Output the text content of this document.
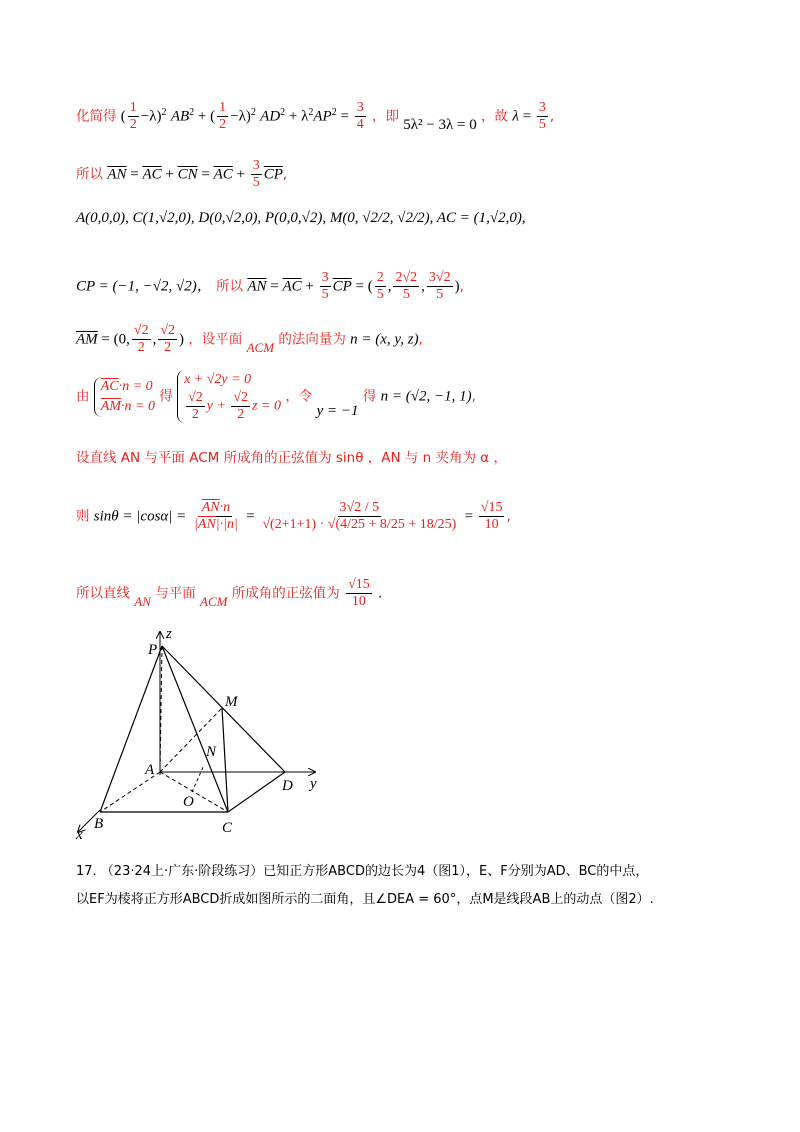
化简得 ( $\frac{1}{2} -\lambda)^2$ $AB^2$ + ( $\frac{1}{2} -\lambda)^2$ $AD^2 + \lambda^2AP^2 = \frac{3}{4}$ ，即 5λ² − 3λ = 0 ，故 $\lambda = \frac{3}{5}$ ,
所以 $\overline{AN} = \overline{AC} + \overline{CN} = \overline{AC} + \frac{3}{5} \overline{CP}$,
A(0,0,0), C(1,√2,0), D(0,√2,0), P(0,0,√2), M(0, √2/2, √2/2), AC = (1,√2,0),
CP = (−1, −√2, √2)， 所以 $\overline{AN} = \overline{AC} + \frac{3}{5} \overline{CP}$ = ( $\frac{2}{5}$ , $\frac{2√2}{5}$ , $\frac{3√2}{5}$ ),
$\overline{AM} = (0$, $\frac{√2}{2}$ , $\frac{√2}{2}$ ) ，设平面 ACM 的法向量为 n = (x, y, z),
由 $\overline{AC}\cdot n = 0$
$\overline{AM}\cdot n = 0$ 得 x + √2y = 0

$\frac{√2}{2}$ $y + \frac{√2}{2}$ z = 0 ，令 y = −1 得 n = (√2, −1, 1),
设直线 AN 与平面 ACM 所成角的正弦值为 sinθ ，AN 与 n 夹角为 α ，
则 $\sin\theta = |\cos\alpha| = \frac{\overline{AN}\cdot n}{|\overline{AN}|\cdot|n|} = \frac{3√2 / 5}{√(2+1+1) \cdot √(4/25 + 8/25 + 18/25)} = \frac{√15}{10}$ ,
所以直线 AN 与平面 ACM 所成角的正弦值为 $\frac{√15}{10}$ .
z
P
M
N
A
D y
O
B	C
x
17. （23·24上·广东·阶段练习）已知正方形ABCD的边长为4（图1），E、F分别为AD、BC的中点，
以EF为棱将正方形ABCD折成如图所示的二面角，且∠DEA = 60°，点M是线段AB上的动点（图2）.
